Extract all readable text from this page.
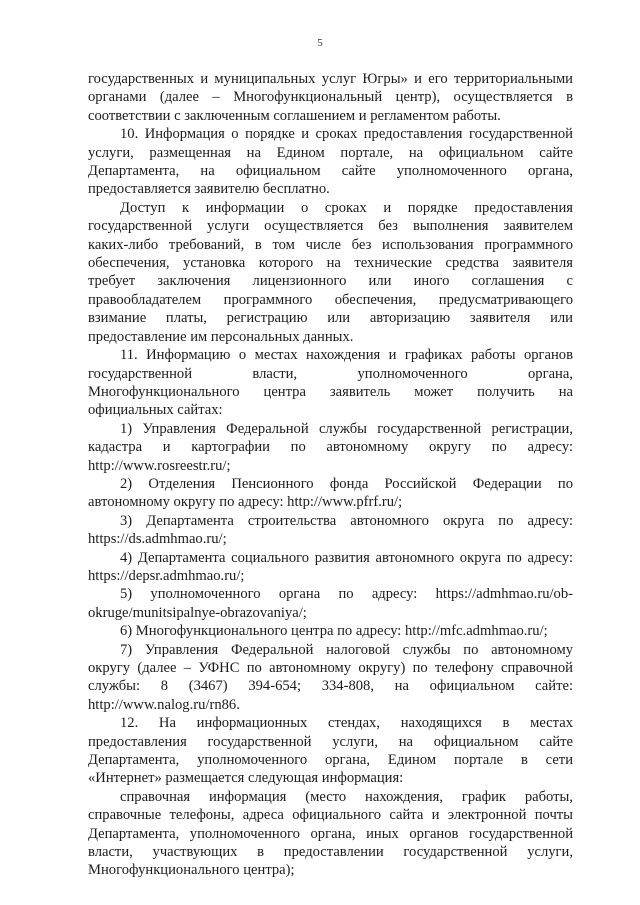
5
государственных и муниципальных услуг Югры» и его территориальными
органами (далее – Многофункциональный центр), осуществляется в
соответствии с заключенным соглашением и регламентом работы.
10. Информация о порядке и сроках предоставления государственной
услуги, размещенная на Едином портале, на официальном сайте
Департамента, на официальном сайте уполномоченного органа,
предоставляется заявителю бесплатно.
Доступ к информации о сроках и порядке предоставления
государственной услуги осуществляется без выполнения заявителем
каких-либо требований, в том числе без использования программного
обеспечения, установка которого на технические средства заявителя
требует заключения лицензионного или иного соглашения с
правообладателем программного обеспечения, предусматривающего
взимание платы, регистрацию или авторизацию заявителя или
предоставление им персональных данных.
11. Информацию о местах нахождения и графиках работы органов
государственной власти, уполномоченного органа,
Многофункционального центра заявитель может получить на
официальных сайтах:
1) Управления Федеральной службы государственной регистрации,
кадастра и картографии по автономному округу по адресу:
http://www.rosreestr.ru/;
2) Отделения Пенсионного фонда Российской Федерации по
автономному округу по адресу: http://www.pfrf.ru/;
3) Департамента строительства автономного округа по адресу:
https://ds.admhmao.ru/;
4) Департамента социального развития автономного округа по адресу:
https://depsr.admhmao.ru/;
5) уполномоченного органа по адресу: https://admhmao.ru/ob-
okruge/munitsipalnye-obrazovaniya/;
6) Многофункционального центра по адресу: http://mfc.admhmao.ru/;
7) Управления Федеральной налоговой службы по автономному
округу (далее – УФНС по автономному округу) по телефону справочной
службы: 8 (3467) 394-654; 334-808, на официальном сайте:
http://www.nalog.ru/rn86.
12. На информационных стендах, находящихся в местах
предоставления государственной услуги, на официальном сайте
Департамента, уполномоченного органа, Едином портале в сети
«Интернет» размещается следующая информация:
справочная информация (место нахождения, график работы,
справочные телефоны, адреса официального сайта и электронной почты
Департамента, уполномоченного органа, иных органов государственной
власти, участвующих в предоставлении государственной услуги,
Многофункционального центра);
